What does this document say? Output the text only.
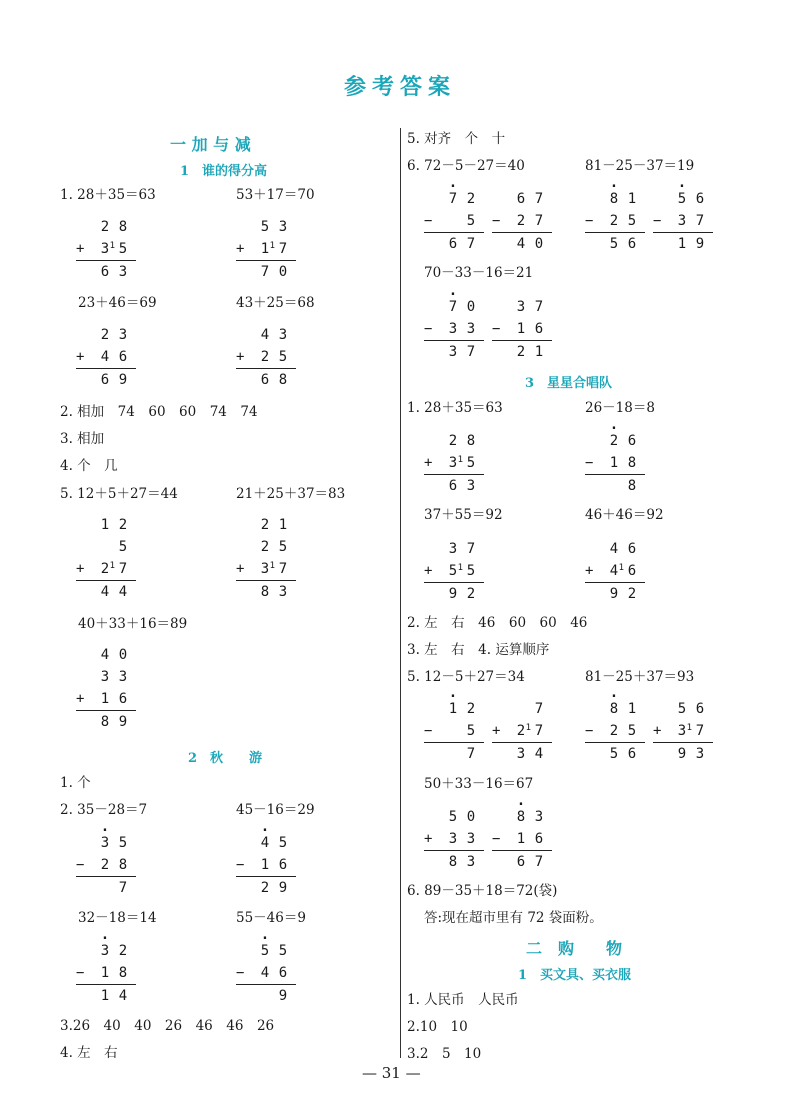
参考答案
一 加 与 减
1　谁的得分高
1. 28＋35＝63	53＋17＝70
2 8
+	3 1 5
6 3
5 3
+	1 1 7
7 0
23＋46＝69	43＋25＝68
2 3
+	4 6
6 9
4 3
+	2 5
6 8
2. 相加　74　60　60　74　74
3. 相加
4. 个　几
5. 12＋5＋27＝44	21＋25＋37＝83
1 2
5
+	2 1 7
4 4
2 1
2 5
+	3 1 7
8 3
40＋33＋16＝89
4 0
3 3
+	1 6
8 9
2　秋　　游
1. 个
2. 35－28＝7	45－16＝29
. 3 5
−	2 8
7
. 4 5
−	1 6
2 9
32－18＝14	55－46＝9
. 3 2
−	1 8
1 4
. 5 5
−	4 6
9
3.26　40　40　26　46　46　26
4. 左　右
5. 对齐　个　十
6. 72－5－27＝40	81－25－37＝19
. 7 2
−	5
6 7
6 7
−	2 7
4 0
. 8 1
−	2 5
5 6
. 5 6
−	3 7
1 9
70－33－16＝21
. 7 0
−	3 3
3 7
3 7
−	1 6
2 1
3　星星合唱队
1. 28＋35＝63	26－18＝8
2 8
+	3 1 5
6 3
. 2 6
−	1 8
8
37＋55＝92	46＋46＝92
3 7
+	5 1 5
9 2
4 6
+	4 1 6
9 2
2. 左　右　46　60　60　46
3. 左　右　4. 运算顺序
5. 12－5＋27＝34	81－25＋37＝93
. 1 2
−	5
7
7
+	2 1 7
3 4
. 8 1
−	2 5
5 6
5 6
+	3 1 7
9 3
50＋33－16＝67
5 0
+	3 3
8 3
. 8 3
−	1 6
6 7
6. 89－35＋18＝72(袋)
答:现在超市里有 72 袋面粉。
二　购　　物
1　买文具、买衣服
1. 人民币　人民币
2.10　10
3.2　5　10
— 31 —
